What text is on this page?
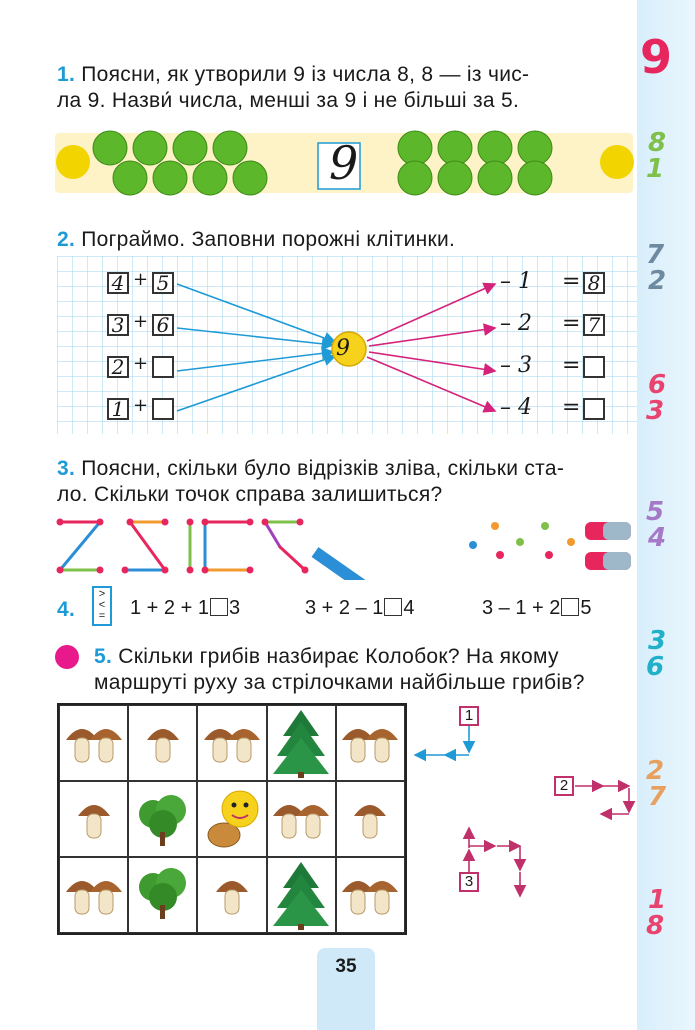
9
8
1
7
2
6
3
5
4
3
6
2
7
1
8
1. Поясни, як утворили 9 із числа 8, 8 — із чис-
ла 9. Назви́ числа, менші за 9 і не більші за 5.
9
2. Пограймо. Заповни порожні клітинки.
9
4 + 5
3 + 6
2 +
1 +
– 1 = 8
– 2 = 7
– 3 =
– 4 =
3. Поясни, скільки було відрізків зліва, скільки ста-
ло. Скільки точок справа залишиться?
4.
>
<
= 1 + 2 + 1 3	3 + 2 – 1 4	3 – 1 + 2 5
5. Скільки грибів назбирає Колобок? На якому
маршруті руху за стрілочками найбільше грибів?
1
2
3
35
